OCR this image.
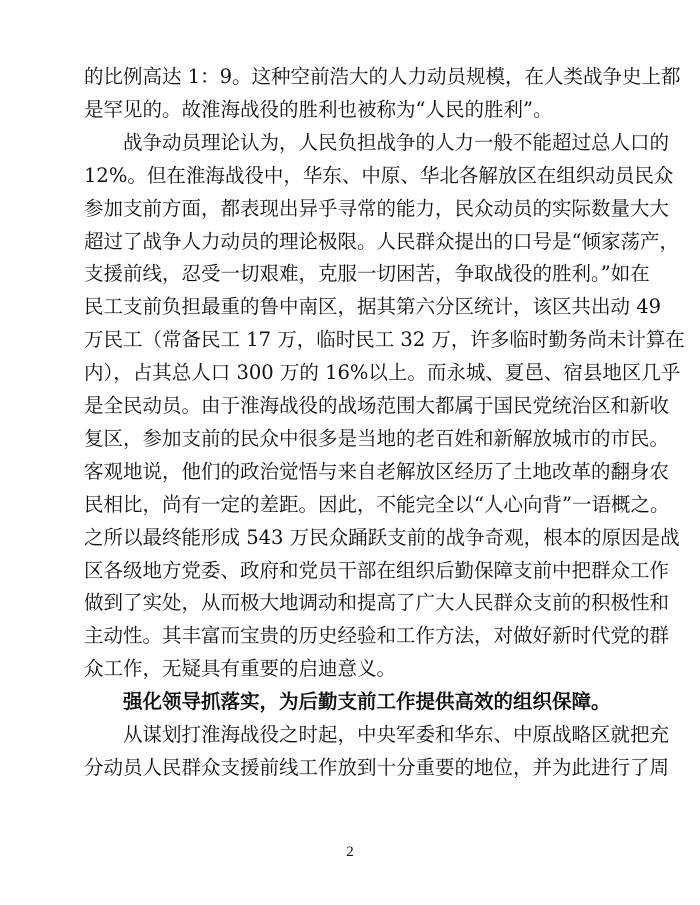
的比例高达 1：9。这种空前浩大的人力动员规模，在人类战争史上都
是罕见的。故淮海战役的胜利也被称为“人民的胜利”。
战争动员理论认为，人民负担战争的人力一般不能超过总人口的
12%。但在淮海战役中，华东、中原、华北各解放区在组织动员民众
参加支前方面，都表现出异乎寻常的能力，民众动员的实际数量大大
超过了战争人力动员的理论极限。人民群众提出的口号是“倾家荡产，
支援前线，忍受一切艰难，克服一切困苦，争取战役的胜利。”如在
民工支前负担最重的鲁中南区，据其第六分区统计，该区共出动 49
万民工（常备民工 17 万，临时民工 32 万，许多临时勤务尚未计算在
内），占其总人口 300 万的 16%以上。而永城、夏邑、宿县地区几乎
是全民动员。由于淮海战役的战场范围大都属于国民党统治区和新收
复区，参加支前的民众中很多是当地的老百姓和新解放城市的市民。
客观地说，他们的政治觉悟与来自老解放区经历了土地改革的翻身农
民相比，尚有一定的差距。因此，不能完全以“人心向背”一语概之。
之所以最终能形成 543 万民众踊跃支前的战争奇观，根本的原因是战
区各级地方党委、政府和党员干部在组织后勤保障支前中把群众工作
做到了实处，从而极大地调动和提高了广大人民群众支前的积极性和
主动性。其丰富而宝贵的历史经验和工作方法，对做好新时代党的群
众工作，无疑具有重要的启迪意义。
强化领导抓落实，为后勤支前工作提供高效的组织保障。
从谋划打淮海战役之时起，中央军委和华东、中原战略区就把充
分动员人民群众支援前线工作放到十分重要的地位，并为此进行了周
2
